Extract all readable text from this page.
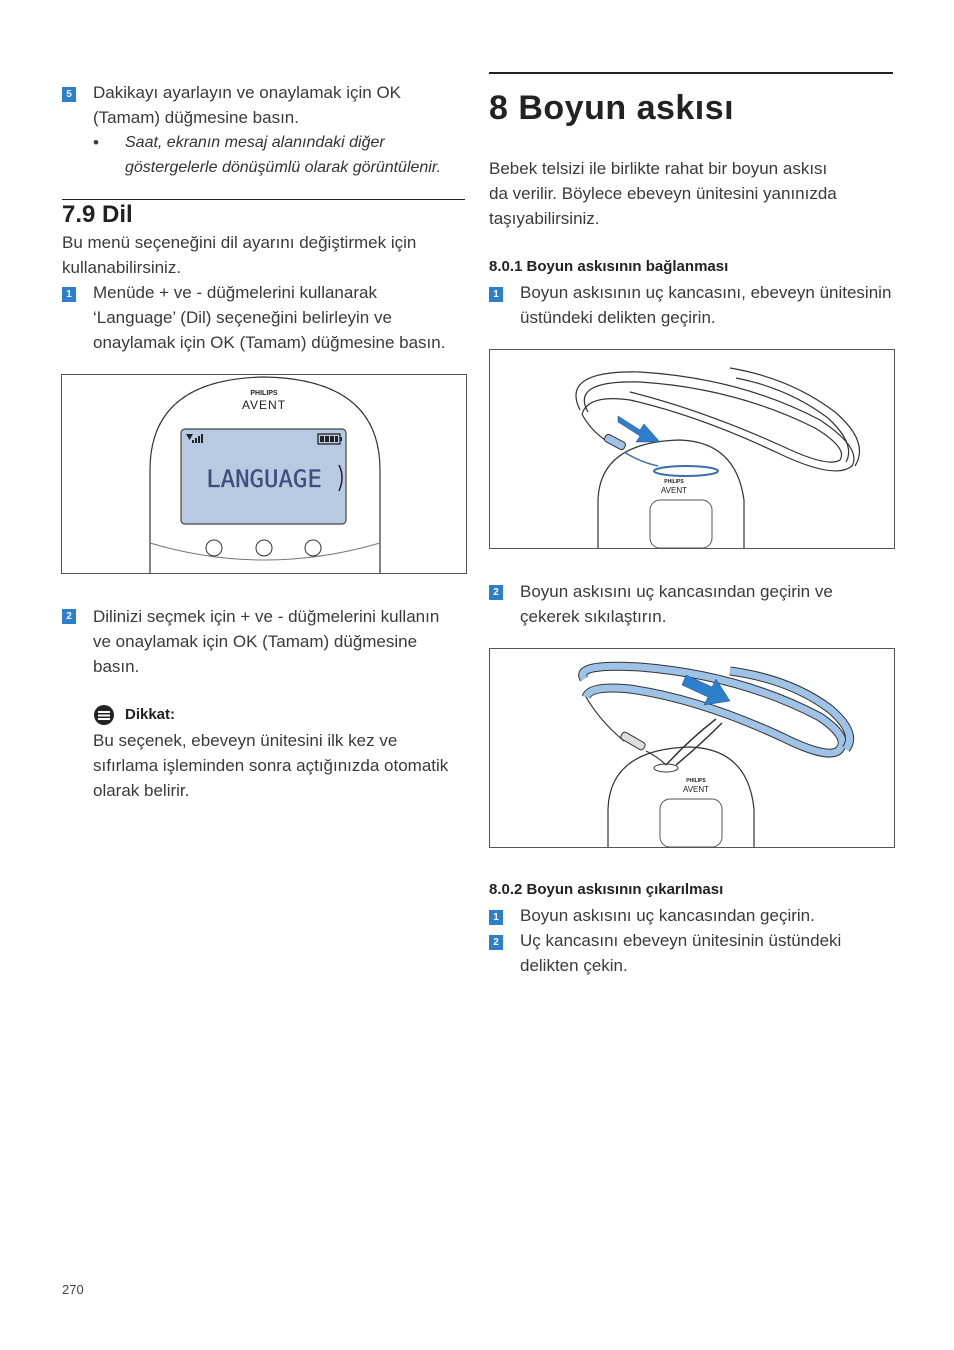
5 Dakikayı ayarlayın ve onaylamak için OK
(Tamam) düğmesine basın.
• Saat, ekranın mesaj alanındaki diğer
göstergelerle dönüşümlü olarak görüntülenir.
7.9 Dil
Bu menü seçeneğini dil ayarını değiştirmek için
kullanabilirsiniz.
1 Menüde + ve - düğmelerini kullanarak
‘Language’ (Dil) seçeneğini belirleyin ve
onaylamak için OK (Tamam) düğmesine basın.
PHILIPS
AVENT
LANGUAGE
2 Dilinizi seçmek için + ve - düğmelerini kullanın
ve onaylamak için OK (Tamam) düğmesine
basın.
Dikkat:
Bu seçenek, ebeveyn ünitesini ilk kez ve
sıfırlama işleminden sonra açtığınızda otomatik
olarak belirir.
8 Boyun askısı
Bebek telsizi ile birlikte rahat bir boyun askısı
da verilir. Böylece ebeveyn ünitesini yanınızda
taşıyabilirsiniz.
8.0.1 Boyun askısının bağlanması
1 Boyun askısının uç kancasını, ebeveyn ünitesinin
üstündeki delikten geçirin.
PHILIPS
AVENT
2 Boyun askısını uç kancasından geçirin ve
çekerek sıkılaştırın.
PHILIPS
AVENT
8.0.2 Boyun askısının çıkarılması
1 Boyun askısını uç kancasından geçirin.
2 Uç kancasını ebeveyn ünitesinin üstündeki
delikten çekin.
270
